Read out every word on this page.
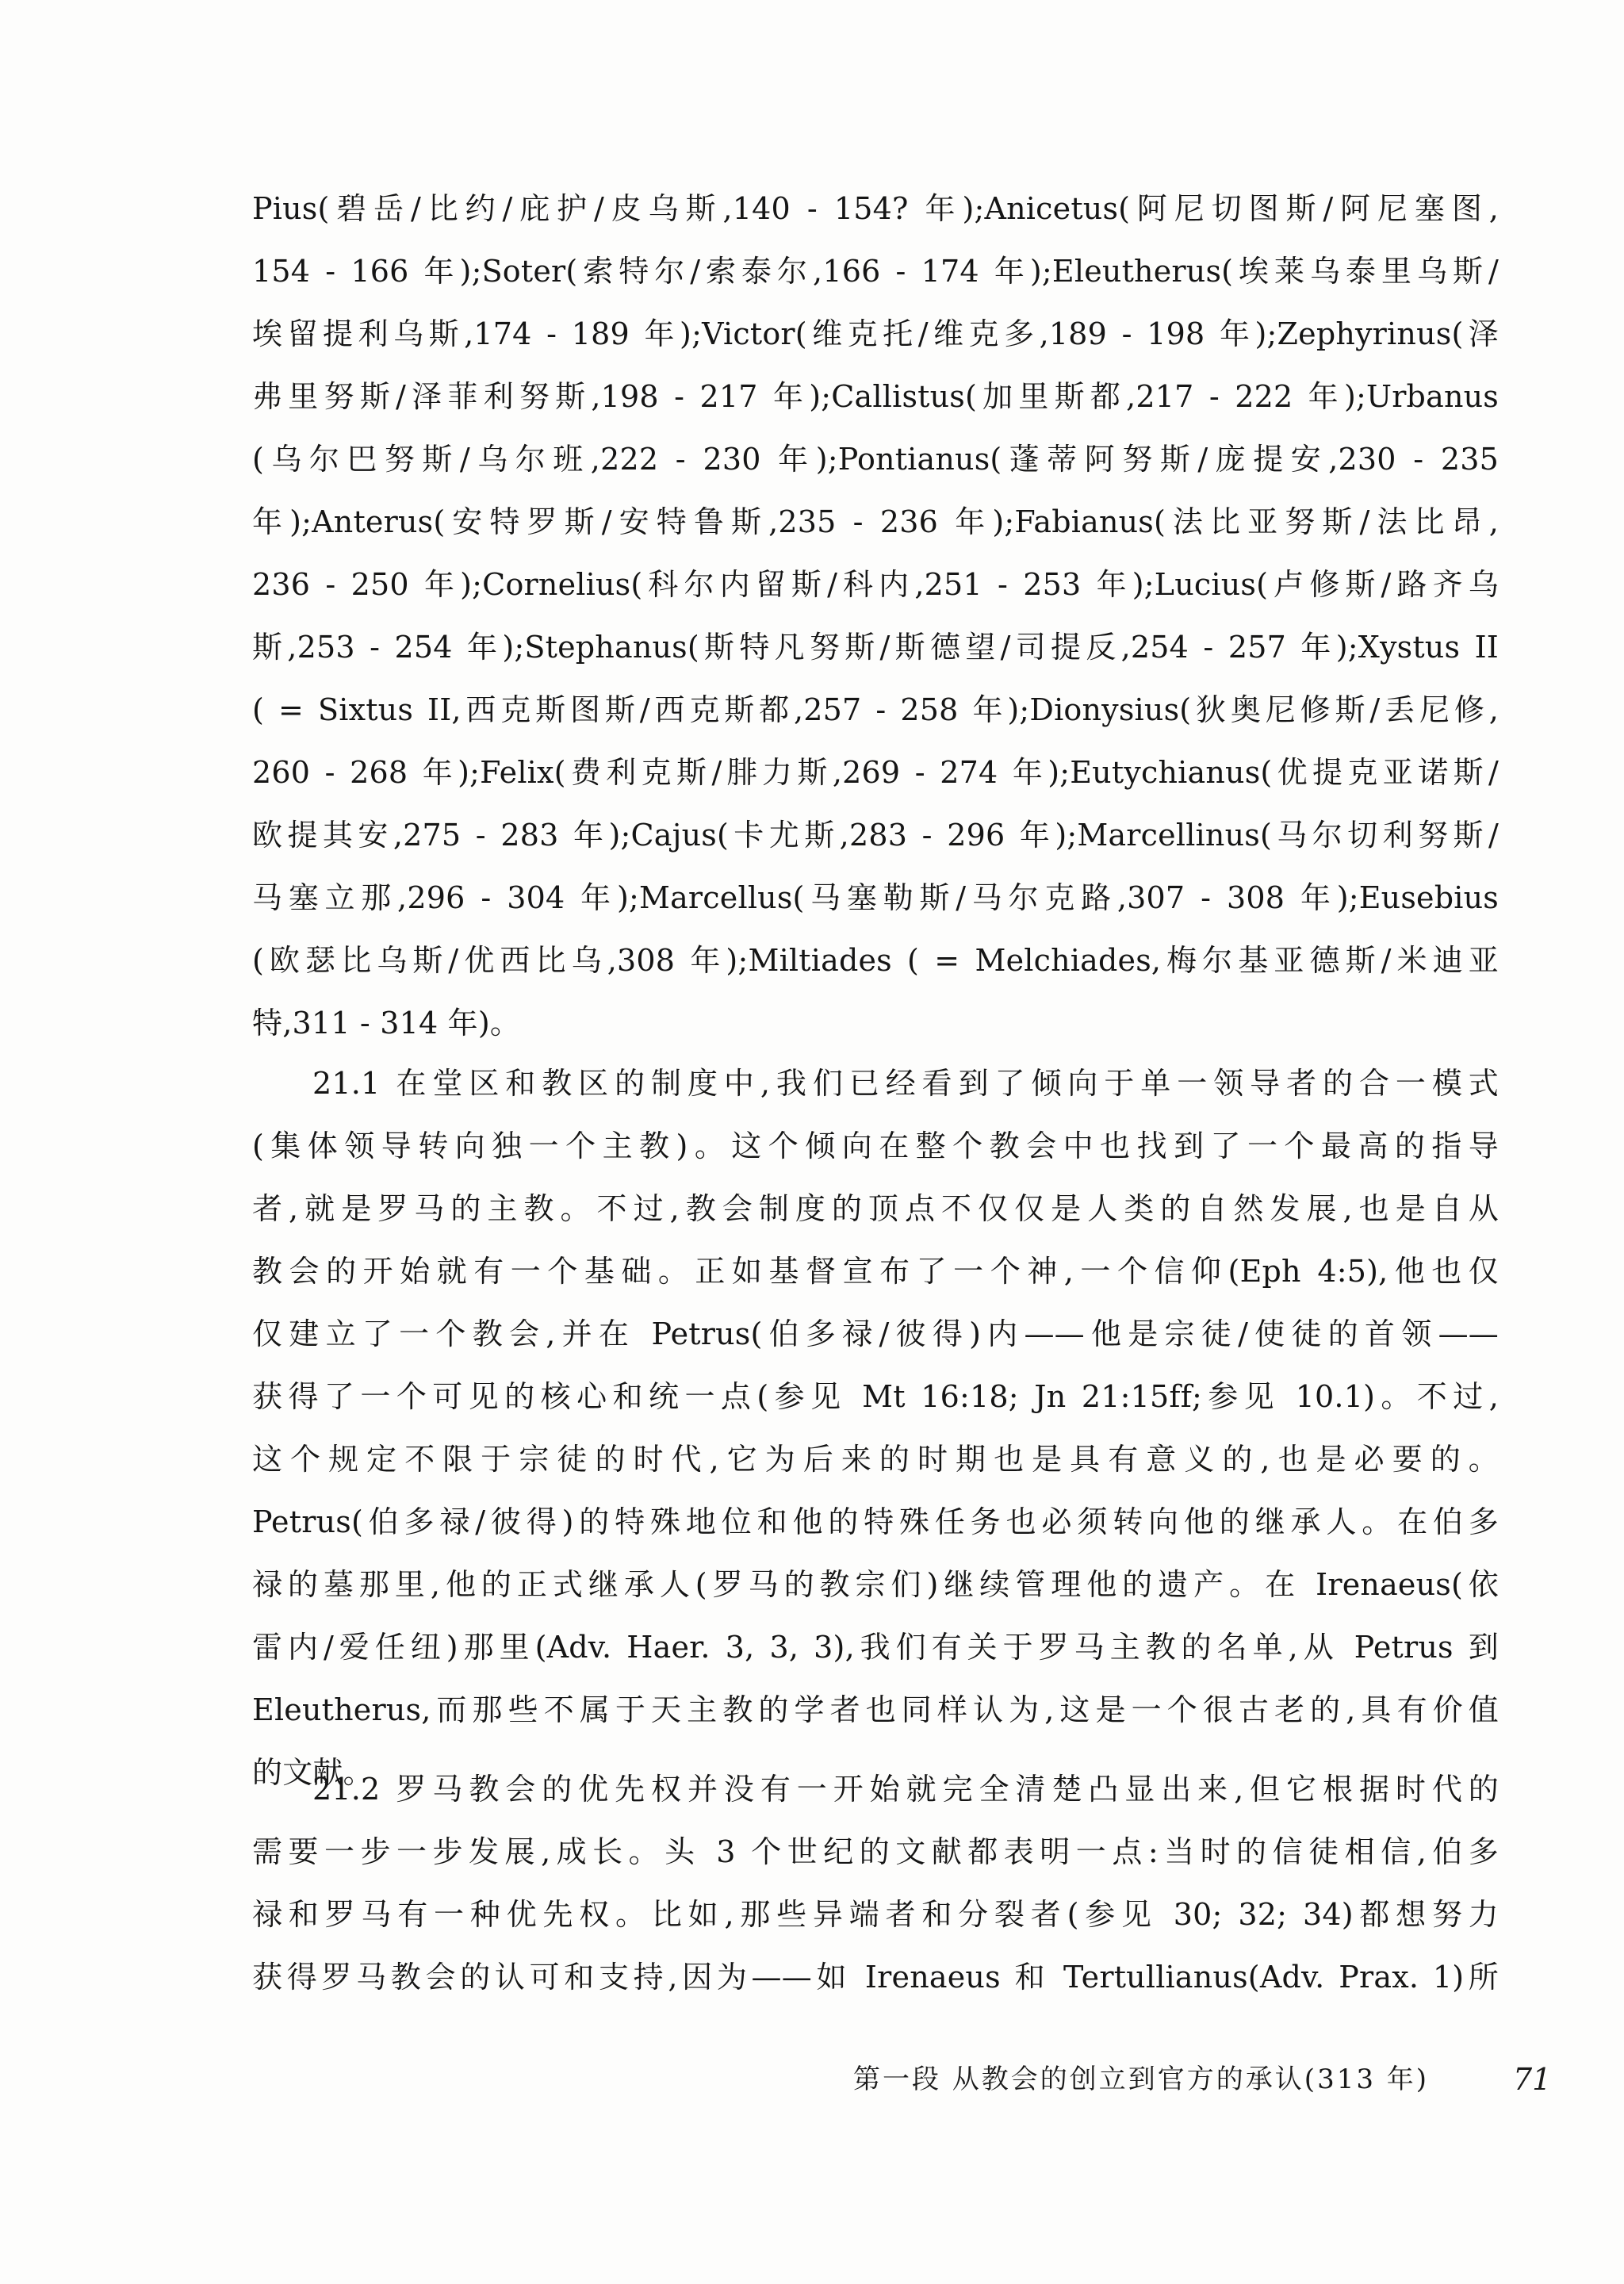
Pius(碧岳/比约/庇护/皮乌斯,140 - 154? 年);Anicetus(阿尼切图斯/阿尼塞图,
154 - 166 年);Soter(索特尔/索泰尔,166 - 174 年);Eleutherus(埃莱乌泰里乌斯/
埃留提利乌斯,174 - 189 年);Victor(维克托/维克多,189 - 198 年);Zephyrinus(泽
弗里努斯/泽菲利努斯,198 - 217 年);Callistus(加里斯都,217 - 222 年);Urbanus
(乌尔巴努斯/乌尔班,222 - 230 年);Pontianus(蓬蒂阿努斯/庞提安,230 - 235
年);Anterus(安特罗斯/安特鲁斯,235 - 236 年);Fabianus(法比亚努斯/法比昂,
236 - 250 年);Cornelius(科尔内留斯/科内,251 - 253 年);Lucius(卢修斯/路齐乌
斯,253 - 254 年);Stephanus(斯特凡努斯/斯德望/司提反,254 - 257 年);Xystus II
( = Sixtus II,西克斯图斯/西克斯都,257 - 258 年);Dionysius(狄奥尼修斯/丢尼修,
260 - 268 年);Felix(费利克斯/腓力斯,269 - 274 年);Eutychianus(优提克亚诺斯/
欧提其安,275 - 283 年);Cajus(卡尤斯,283 - 296 年);Marcellinus(马尔切利努斯/
马塞立那,296 - 304 年);Marcellus(马塞勒斯/马尔克路,307 - 308 年);Eusebius
(欧瑟比乌斯/优西比乌,308 年);Miltiades ( = Melchiades,梅尔基亚德斯/米迪亚
特,311 - 314 年)。
21.1 在堂区和教区的制度中,我们已经看到了倾向于单一领导者的合一模式
(集体领导转向独一个主教)。这个倾向在整个教会中也找到了一个最高的指导
者,就是罗马的主教。不过,教会制度的顶点不仅仅是人类的自然发展,也是自从
教会的开始就有一个基础。正如基督宣布了一个神,一个信仰(Eph 4:5),他也仅
仅建立了一个教会,并在 Petrus(伯多禄/彼得)内——他是宗徒/使徒的首领——
获得了一个可见的核心和统一点(参见 Mt 16:18; Jn 21:15ff;参见 10.1)。不过,
这个规定不限于宗徒的时代,它为后来的时期也是具有意义的,也是必要的。
Petrus(伯多禄/彼得)的特殊地位和他的特殊任务也必须转向他的继承人。在伯多
禄的墓那里,他的正式继承人(罗马的教宗们)继续管理他的遗产。在 Irenaeus(依
雷内/爱任纽)那里(Adv. Haer. 3, 3, 3),我们有关于罗马主教的名单,从 Petrus 到
Eleutherus,而那些不属于天主教的学者也同样认为,这是一个很古老的,具有价值
的文献。
21.2 罗马教会的优先权并没有一开始就完全清楚凸显出来,但它根据时代的
需要一步一步发展,成长。头 3 个世纪的文献都表明一点:当时的信徒相信,伯多
禄和罗马有一种优先权。比如,那些异端者和分裂者(参见 30; 32; 34)都想努力
获得罗马教会的认可和支持,因为——如 Irenaeus 和 Tertullianus(Adv. Prax. 1)所
第一段 从教会的创立到官方的承认(313 年)	71
